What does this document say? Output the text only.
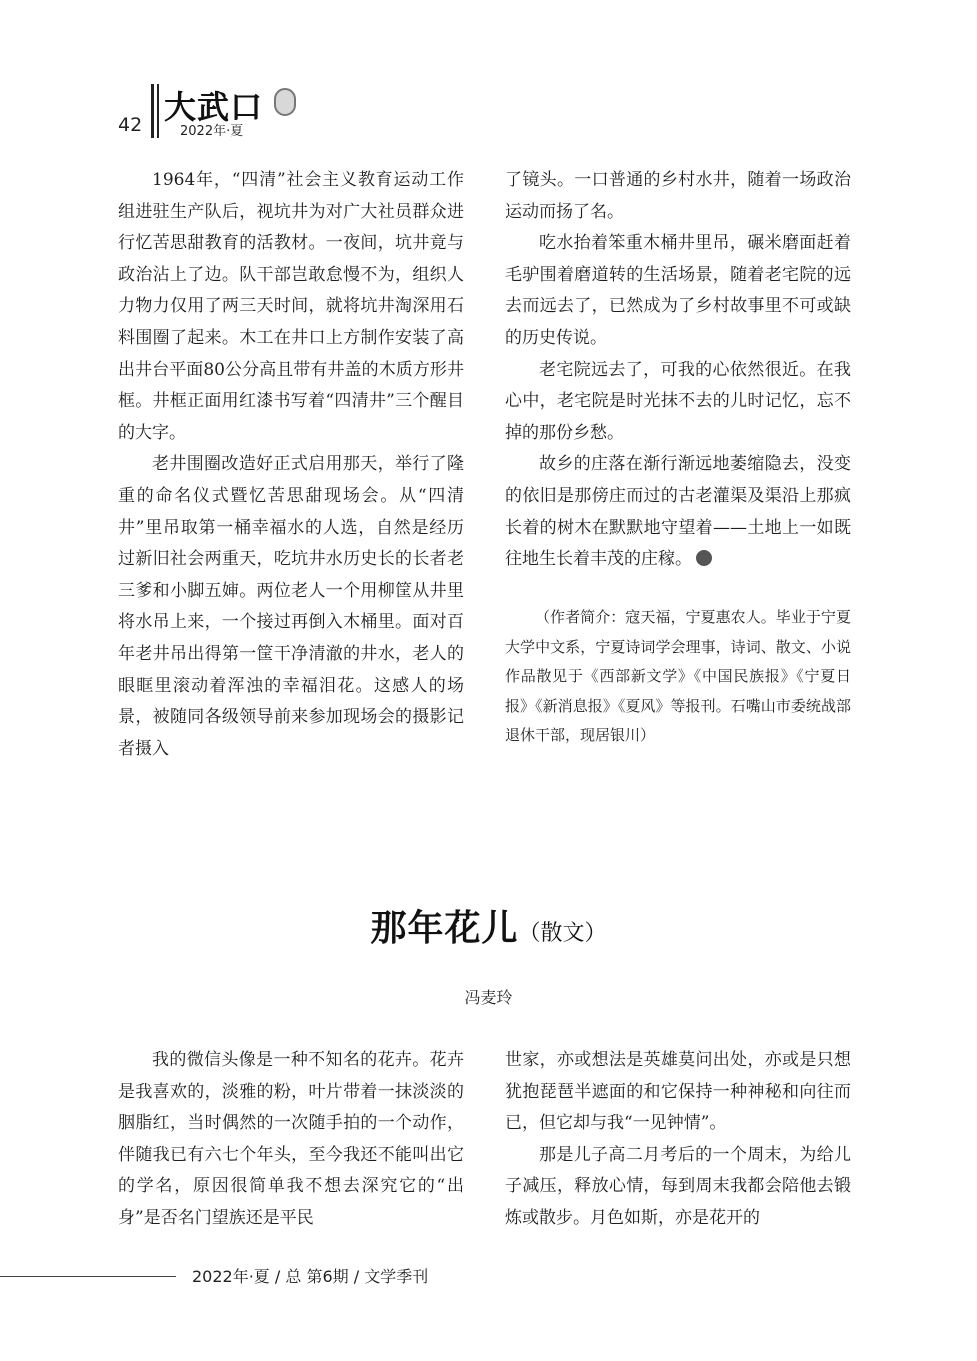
42 大武口
2022年·夏

1964年，“四清”社会主义教育运动工作组进驻生产队后，视坑井为对广大社员群众进行忆苦思甜教育的活教材。一夜间，坑井竟与政治沾上了边。队干部岂敢怠慢不为，组织人力物力仅用了两三天时间，就将坑井淘深用石料围圈了起来。木工在井口上方制作安装了高出井台平面80公分高且带有井盖的木质方形井框。井框正面用红漆书写着“四清井”三个醒目的大字。

老井围圈改造好正式启用那天，举行了隆重的命名仪式暨忆苦思甜现场会。从“四清井”里吊取第一桶幸福水的人选，自然是经历过新旧社会两重天，吃坑井水历史长的长者老三爹和小脚五婶。两位老人一个用柳筐从井里将水吊上来，一个接过再倒入木桶里。面对百年老井吊出得第一筐干净清澈的井水，老人的眼眶里滚动着浑浊的幸福泪花。这感人的场景，被随同各级领导前来参加现场会的摄影记者摄入

了镜头。一口普通的乡村水井，随着一场政治运动而扬了名。

吃水抬着笨重木桶井里吊，碾米磨面赶着毛驴围着磨道转的生活场景，随着老宅院的远去而远去了，已然成为了乡村故事里不可或缺的历史传说。

老宅院远去了，可我的心依然很近。在我心中，老宅院是时光抹不去的儿时记忆，忘不掉的那份乡愁。

故乡的庄落在渐行渐远地萎缩隐去，没变的依旧是那傍庄而过的古老灌渠及渠沿上那疯长着的树木在默默地守望着——土地上一如既往地生长着丰茂的庄稼。

（作者简介：寇天福，宁夏惠农人。毕业于宁夏大学中文系，宁夏诗词学会理事，诗词、散文、小说作品散见于《西部新文学》《中国民族报》《宁夏日报》《新消息报》《夏风》等报刊。石嘴山市委统战部退休干部，现居银川）

那年花儿（散文）
冯麦玲

我的微信头像是一种不知名的花卉。花卉是我喜欢的，淡雅的粉，叶片带着一抹淡淡的胭脂红，当时偶然的一次随手拍的一个动作，伴随我已有六七个年头，至今我还不能叫出它的学名，原因很简单我不想去深究它的“出身”是否名门望族还是平民

世家，亦或想法是英雄莫问出处，亦或是只想犹抱琵琶半遮面的和它保持一种神秘和向往而已，但它却与我“一见钟情”。

那是儿子高二月考后的一个周末，为给儿子减压，释放心情，每到周末我都会陪他去锻炼或散步。月色如斯，亦是花开的

2022年·夏 / 总 第6期 / 文学季刊
